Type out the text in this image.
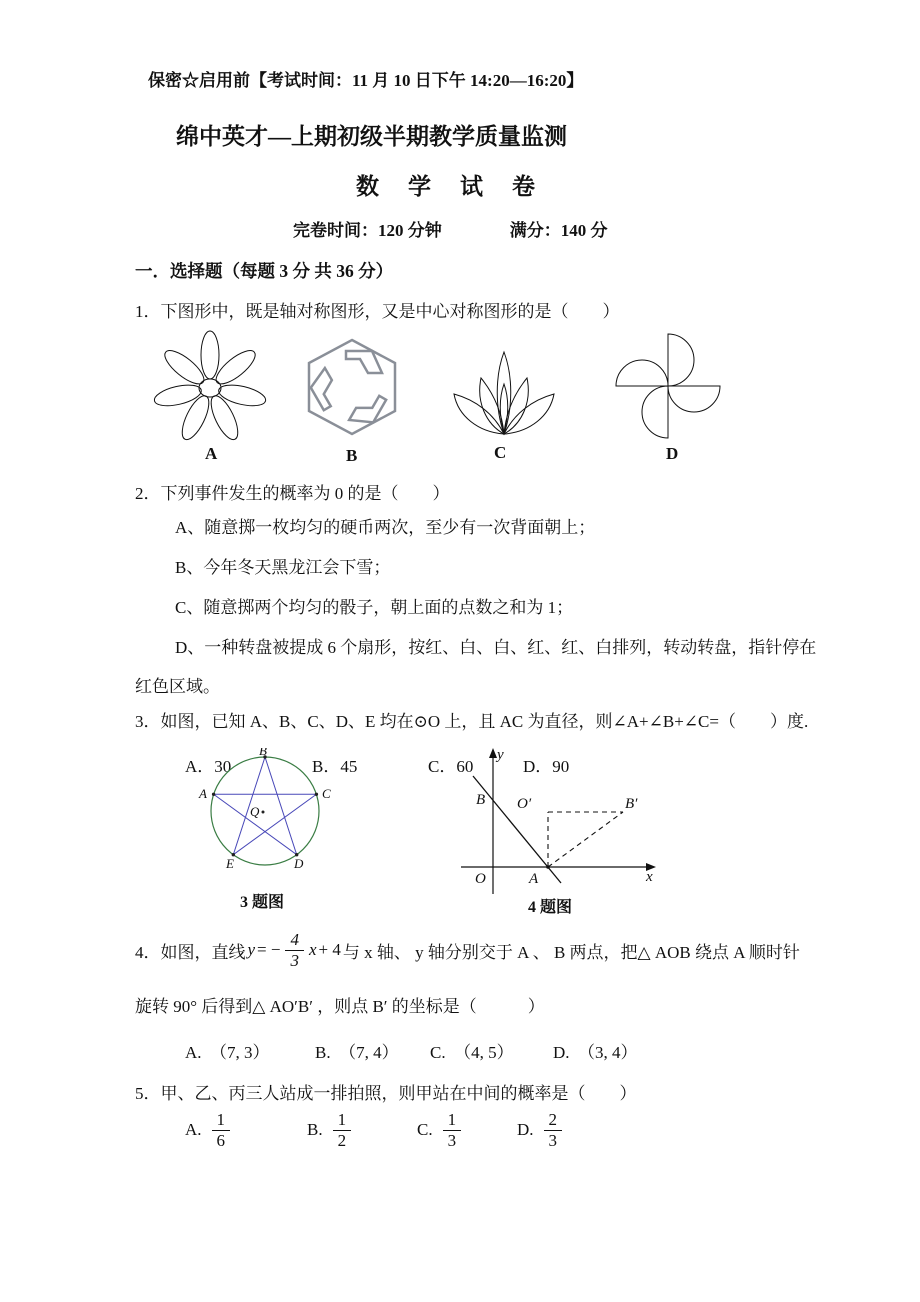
保密☆启用前【考试时间：11 月 10 日下午 14:20—16:20】
绵中英才—上期初级半期教学质量监测
数　学　试　卷
完卷时间：120 分钟　　　　满分：140 分
一．选择题（每题 3 分 共 36 分）
1．下图形中，既是轴对称图形，又是中心对称图形的是（　　）
A	B	C	D
2．下列事件发生的概率为 0 的是（　　）
A、随意掷一枚均匀的硬币两次，至少有一次背面朝上；
B、今年冬天黑龙江会下雪；
C、随意掷两个均匀的骰子，朝上面的点数之和为 1；
D、一种转盘被提成 6 个扇形，按红、白、白、红、红、白排列，转动转盘，指针停在
红色区域。
3．如图，已知 A、B、C、D、E 均在⊙O 上，且 AC 为直径，则∠A+∠B+∠C=（　　）度.
A．30	B．45	C．60	D．90
A
B
C
D
E
Q
3 题图
y
x
O	A
B O′	B′
4 题图
4．如图，直线 y = − $\frac{4}{3}$ x + 4 与 x 轴、 y 轴分别交于 A 、 B 两点，把△ AOB 绕点 A 顺时针
旋转 90° 后得到△ AO′B′ ，则点 B′ 的坐标是（　　　）
A.　（7, 3）	B.　（7, 4） C.　（4, 5） D.　（3, 4）
5．甲、乙、丙三人站成一排拍照，则甲站在中间的概率是（　　）
A. $\frac{1}{6}$	B. $\frac{1}{2}$	C. $\frac{1}{3}$	D. $\frac{2}{3}$
